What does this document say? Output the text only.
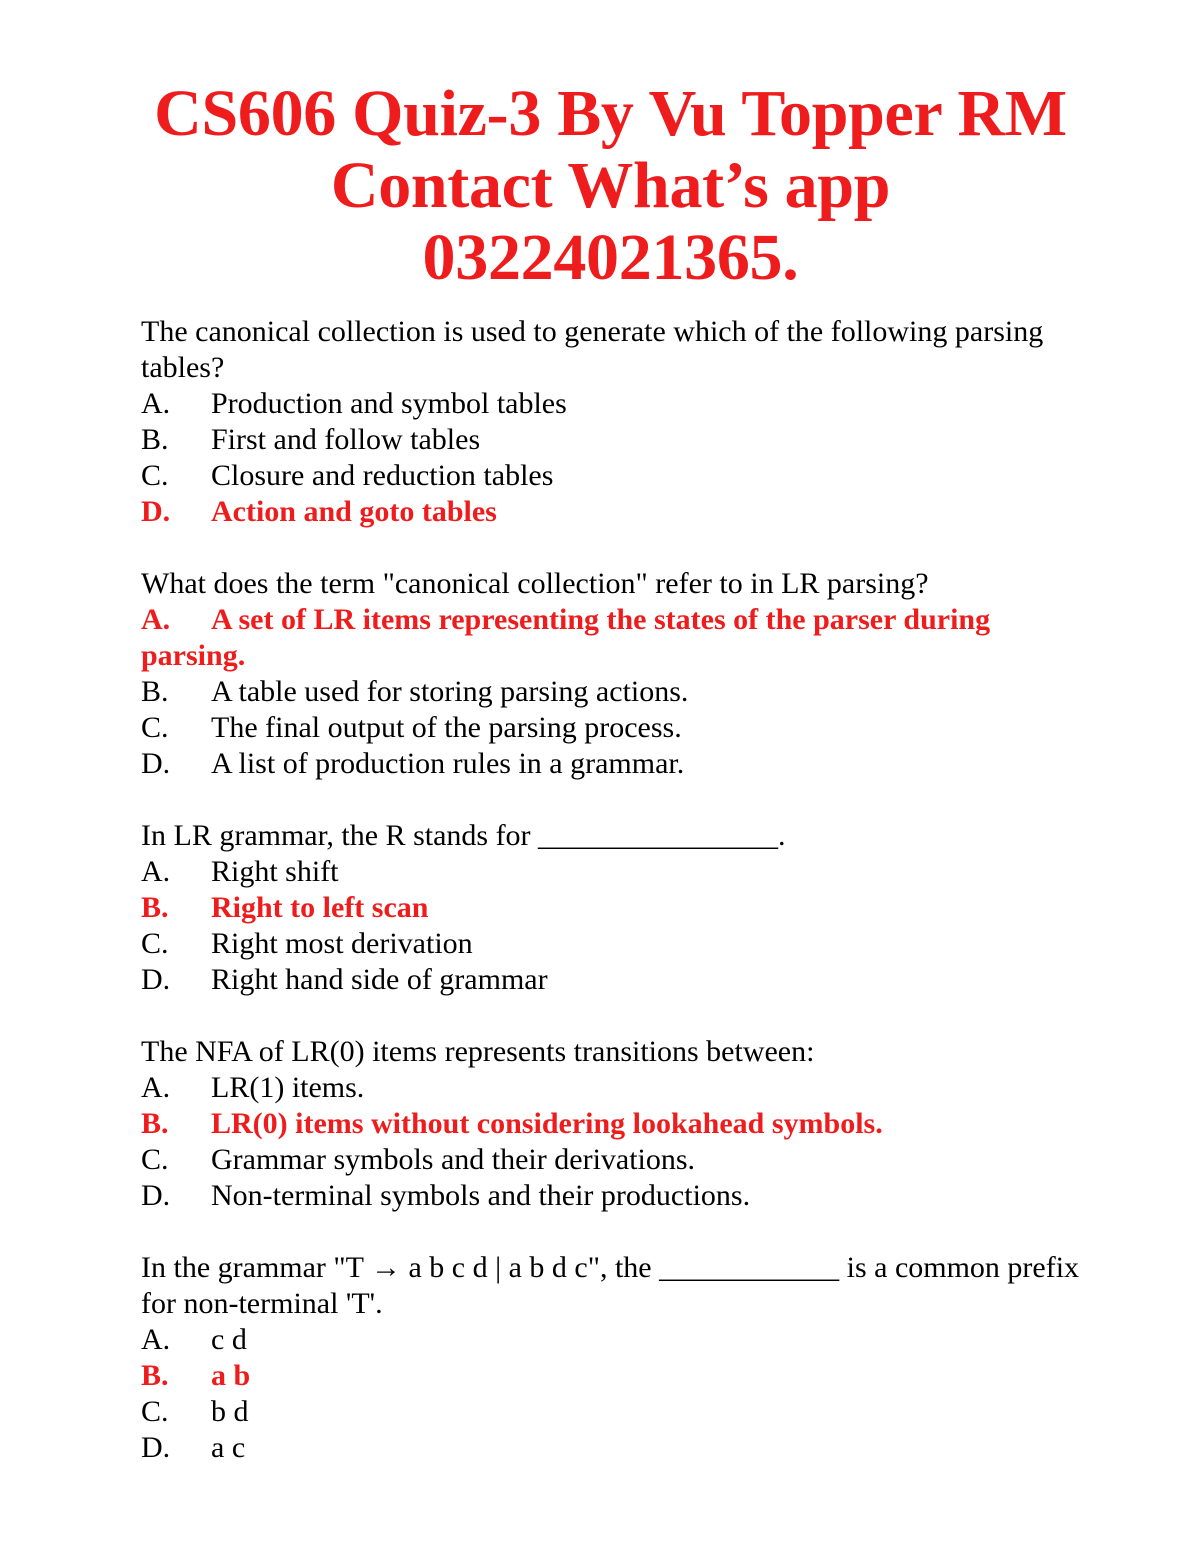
CS606 Quiz-3 By Vu Topper RM
Contact What’s app 03224021365.

The canonical collection is used to generate which of the following parsing tables?

A.	Production and symbol tables
B.	First and follow tables
C.	Closure and reduction tables
D.	Action and goto tables

What does the term "canonical collection" refer to in LR parsing?

A. A set of LR items representing the states of the parser during parsing.
B.	A table used for storing parsing actions.
C.	The final output of the parsing process.
D.	A list of production rules in a grammar.

In LR grammar, the R stands for ________________.

A.	Right shift
B.	Right to left scan
C.	Right most derivation
D.	Right hand side of grammar

The NFA of LR(0) items represents transitions between:

A.	LR(1) items.
B.	LR(0) items without considering lookahead symbols.
C.	Grammar symbols and their derivations.
D.	Non-terminal symbols and their productions.

In the grammar "T → a b c d | a b d c", the ____________ is a common prefix for non-terminal 'T'.

A.	c d
B.	a b
C.	b d
D.	a c
